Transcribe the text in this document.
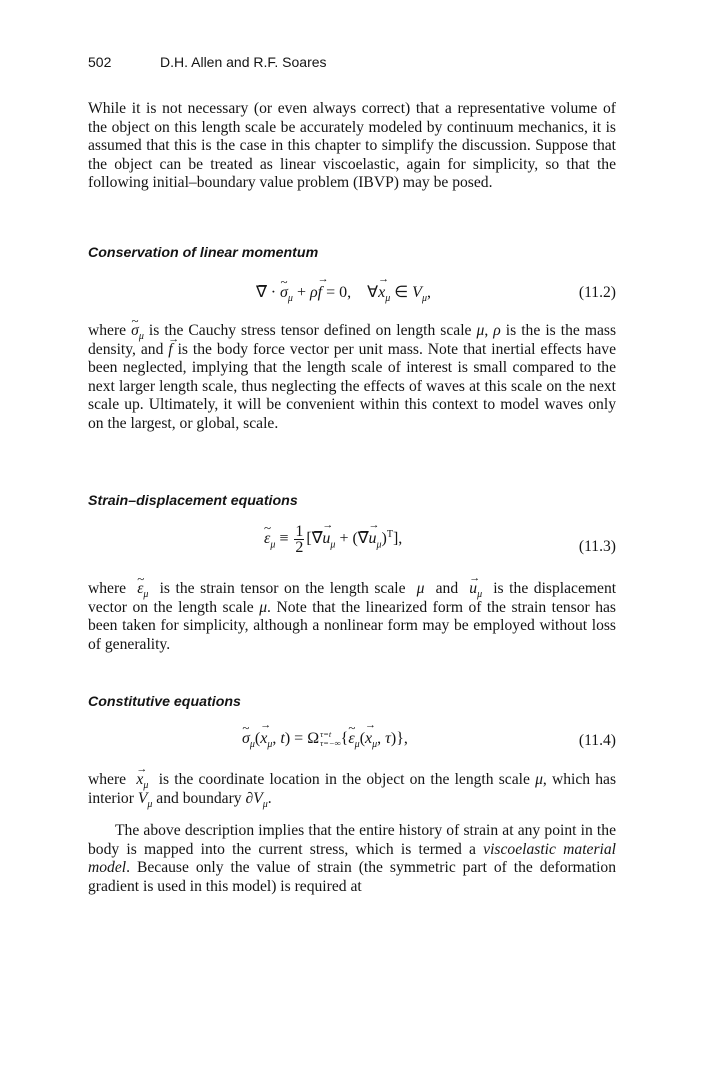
502	D.H. Allen and R.F. Soares

While it is not necessary (or even always correct) that a representative volume of the object on this length scale be accurately modeled by continuum mechanics, it is assumed that this is the case in this chapter to simplify the discussion. Suppose that the object can be treated as linear viscoelastic, again for simplicity, so that the following initial–boundary value problem (IBVP) may be posed.

Conservation of linear momentum
∇̅ · ~ $\sigma_\mu + \rho\to f = 0$,    ∀→ $x_\mu$ ∈ $V_\mu$,	(11.2)

where ~ $\sigma_\mu$ is the Cauchy stress tensor defined on length scale μ, ρ is the is the mass density, and → f is the body force vector per unit mass. Note that inertial effects have been neglected, implying that the length scale of interest is small compared to the next larger length scale, thus neglecting the effects of waves at this scale on the next scale up. Ultimately, it will be convenient within this context to model waves only on the largest, or global, scale.

Strain–displacement equations
~ $\varepsilon_\mu \equiv \frac{1}{2}$ [∇̅→ $u_\mu$ + (∇̅→ $u_\mu)^T$],	(11.3)

where ~ $\varepsilon_\mu$ is the strain tensor on the length scale μ and → $u_\mu$  is the displacement vector on the length scale μ. Note that the linearized form of the strain tensor has been taken for simplicity, although a nonlinear form may be employed without loss of generality.

Constitutive equations
~ $\sigma_\mu(\to x_\mu$, t) = Ω τ=t
τ=−∞ {~ $\varepsilon_\mu(\to x_\mu$, τ)},	(11.4)

where → $x_\mu$ is the coordinate location in the object on the length scale μ, which has interior $V_\mu$ and boundary $\partial V_\mu$.

The above description implies that the entire history of strain at any point in the body is mapped into the current stress, which is termed a viscoelastic material model. Because only the value of strain (the symmetric part of the deformation gradient is used in this model) is required at
